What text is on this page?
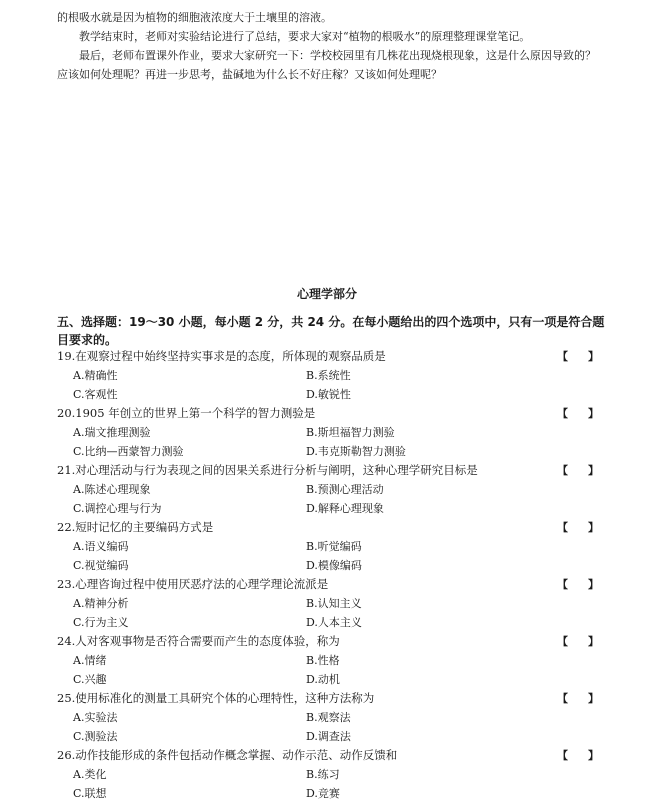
的根吸水就是因为植物的细胞液浓度大于土壤里的溶液。

教学结束时，老师对实验结论进行了总结，要求大家对“植物的根吸水”的原理整理课堂笔记。

最后，老师布置课外作业，要求大家研究一下：学校校园里有几株花出现烧根现象，这是什么原因导致的？应该如何处理呢？再进一步思考，盐碱地为什么长不好庄稼？又该如何处理呢？

心理学部分
五、选择题：19～30 小题，每小题 2 分，共 24 分。在每小题给出的四个选项中，只有一项是符合题目要求的。
19.在观察过程中始终坚持实事求是的态度，所体现的观察品质是	【 】
A.精确性	B.系统性
C.客观性	D.敏锐性
20.1905 年创立的世界上第一个科学的智力测验是	【 】
A.瑞文推理测验	B.斯坦福智力测验
C.比纳—西蒙智力测验	D.韦克斯勒智力测验
21.对心理活动与行为表现之间的因果关系进行分析与阐明，这种心理学研究目标是	【 】
A.陈述心理现象	B.预测心理活动
C.调控心理与行为	D.解释心理现象
22.短时记忆的主要编码方式是	【 】
A.语义编码	B.听觉编码
C.视觉编码	D.模像编码
23.心理咨询过程中使用厌恶疗法的心理学理论流派是	【 】
A.精神分析	B.认知主义
C.行为主义	D.人本主义
24.人对客观事物是否符合需要而产生的态度体验，称为	【 】
A.情绪	B.性格
C.兴趣	D.动机
25.使用标准化的测量工具研究个体的心理特性，这种方法称为	【 】
A.实验法	B.观察法
C.测验法	D.调查法
26.动作技能形成的条件包括动作概念掌握、动作示范、动作反馈和	【 】
A.类化	B.练习
C.联想	D.竞赛
